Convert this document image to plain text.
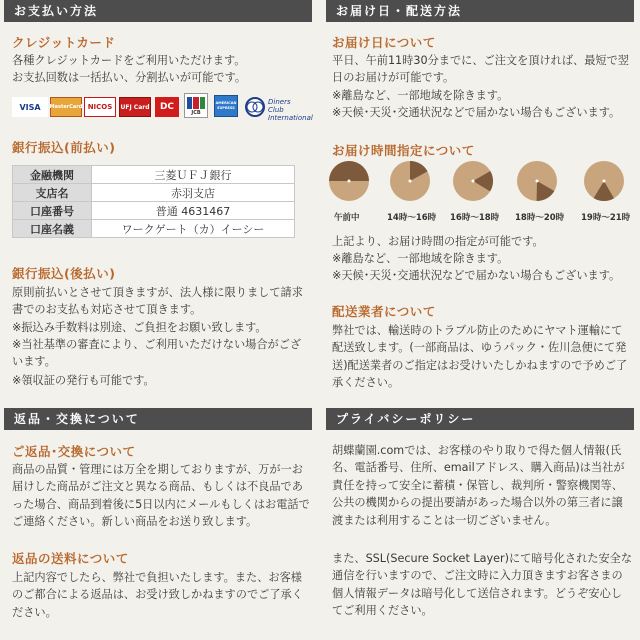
お支払い方法
クレジットカード
各種クレジットカードをご利用いただけます。
お支払回数は一括払い、分割払いが可能です。
VISA MasterCard NICOS UFJ Card DC
JCB
AMERICAN EXPRESS
Diners Club International
銀行振込(前払い)
金融機関	三菱ＵＦＪ銀行
支店名	赤羽支店
口座番号	普通 4631467
口座名義	ワークゲート（カ）イーシー
銀行振込(後払い)
原則前払いとさせて頂きますが、法人様に限りまして請求書でのお支払も対応させて頂きます。
※振込み手数料は別途、ご負担をお願い致します。
※当社基準の審査により、ご利用いただけない場合がございます。
※領収証の発行も可能です。
返品・交換について
ご返品･交換について
商品の品質・管理には万全を期しておりますが、万が一お届けした商品がご注文と異なる商品、もしくは不良品であった場合、商品到着後に5日以内にメールもしくはお電話でご連絡ください。新しい商品をお送り致します。
返品の送料について
上記内容でしたら、弊社で負担いたします。また、お客様のご都合による返品は、お受け致しかねますのでご了承ください。
お届け日・配送方法
お届け日について
平日、午前11時30分までに、ご注文を頂ければ、最短で翌日のお届けが可能です。
※離島など、一部地域を除きます。
※天候･天災･交通状況などで届かない場合もございます。
お届け時間指定について
午前中	14時〜16時 16時〜18時 18時〜20時 19時〜21時
上記より、お届け時間の指定が可能です。
※離島など、一部地域を除きます。
※天候･天災･交通状況などで届かない場合もございます。
配送業者について
弊社では、輸送時のトラブル防止のためにヤマト運輸にて配送致します。(一部商品は、ゆうパック・佐川急便にて発送)配送業者のご指定はお受けいたしかねますので予めご了承ください。
プライバシーポリシー
胡蝶蘭園.comでは、お客様のやり取りで得た個人情報(氏名、電話番号、住所、emailアドレス、購入商品)は当社が責任を持って安全に蓄積・保管し、裁判所・警察機関等、公共の機関からの提出要請があった場合以外の第三者に譲渡または利用することは一切ございません。
また、SSL(Secure Socket Layer)にて暗号化された安全な通信を行いますので、ご注文時に入力頂きますお客さまの個人情報データは暗号化して送信されます。どうぞ安心してご利用ください。
